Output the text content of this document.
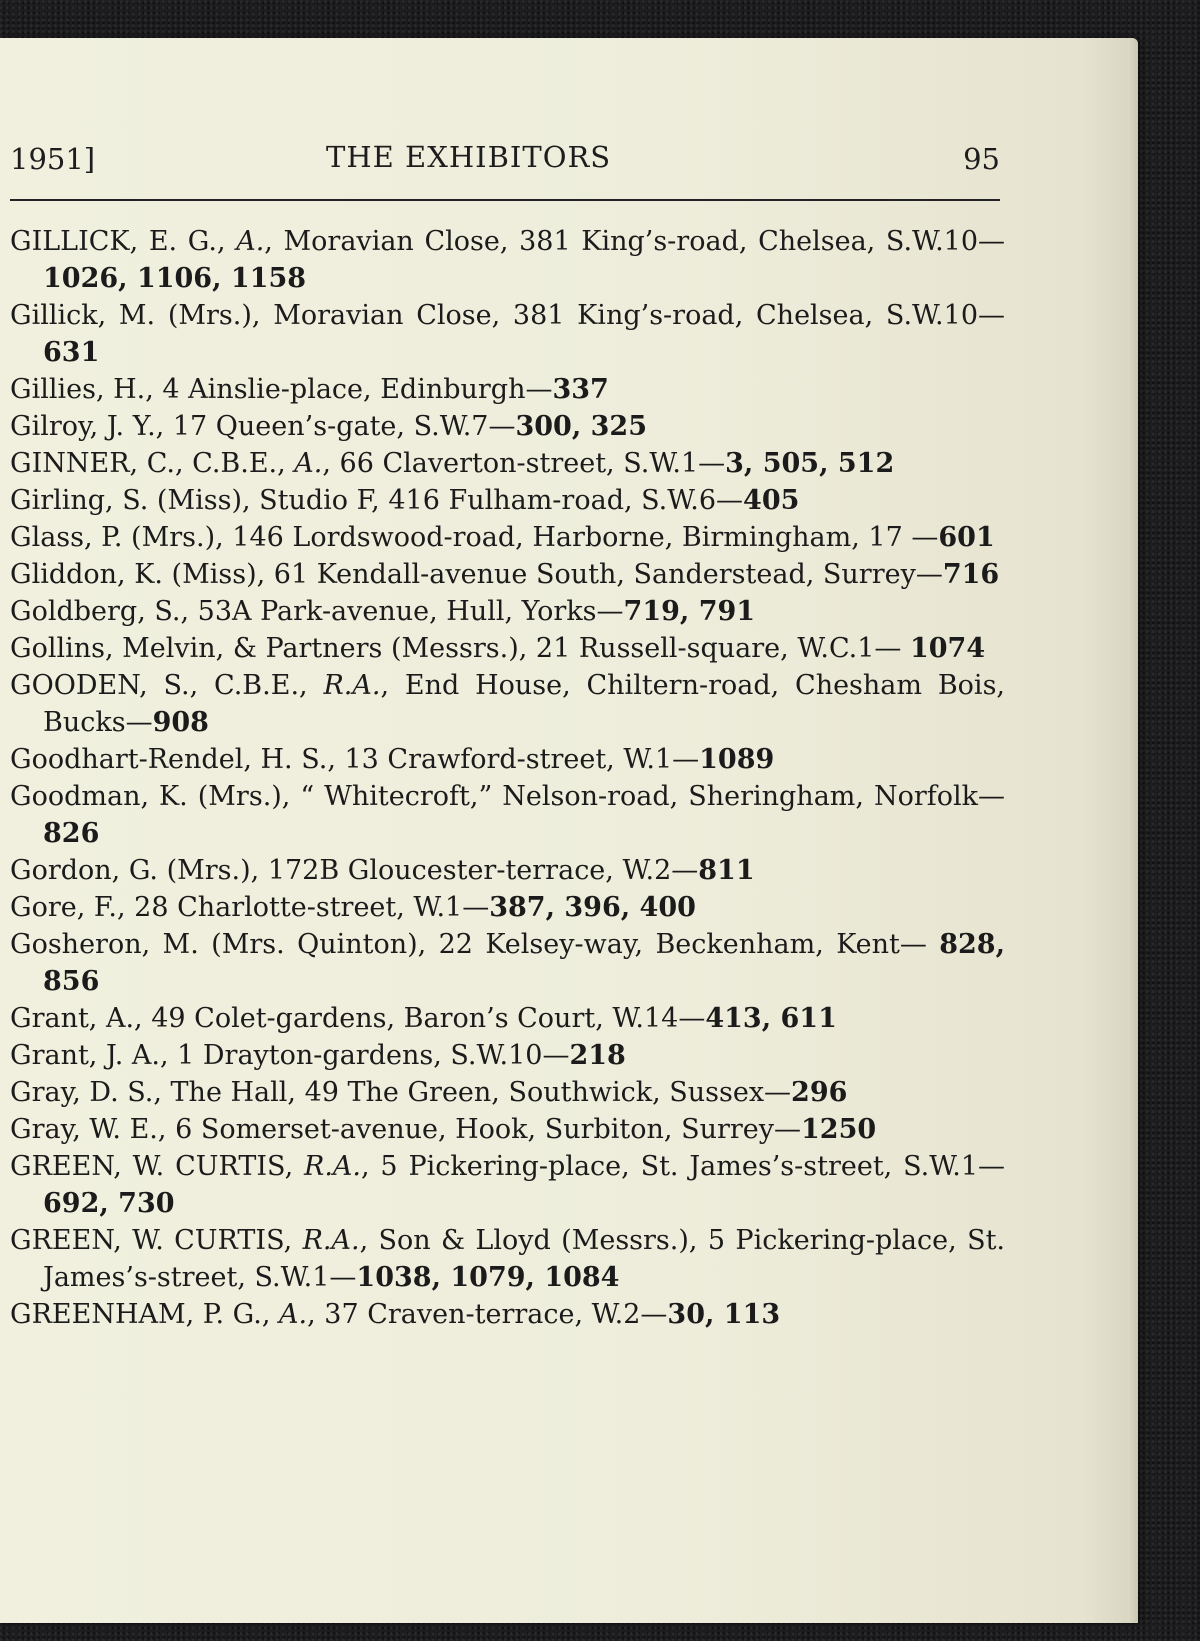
1951]	THE EXHIBITORS	95

GILLICK, E. G., A., Moravian Close, 381 King’s-road, Chelsea, S.W.10—1026, 1106, 1158

Gillick, M. (Mrs.), Moravian Close, 381 King’s-road, Chelsea, S.W.10—631

Gillies, H., 4 Ainslie-place, Edinburgh—337

Gilroy, J. Y., 17 Queen’s-gate, S.W.7—300, 325

GINNER, C., C.B.E., A., 66 Claverton-street, S.W.1—3, 505, 512

Girling, S. (Miss), Studio F, 416 Fulham-road, S.W.6—405

Glass, P. (Mrs.), 146 Lordswood-road, Harborne, Birmingham, 17 —601

Gliddon, K. (Miss), 61 Kendall-avenue South, Sanderstead, Surrey—716

Goldberg, S., 53A Park-avenue, Hull, Yorks—719, 791

Gollins, Melvin, & Partners (Messrs.), 21 Russell-square, W.C.1— 1074

GOODEN, S., C.B.E., R.A., End House, Chiltern-road, Chesham Bois, Bucks—908

Goodhart-Rendel, H. S., 13 Crawford-street, W.1—1089

Goodman, K. (Mrs.), “ Whitecroft,” Nelson-road, Sheringham, Norfolk—826

Gordon, G. (Mrs.), 172B Gloucester-terrace, W.2—811

Gore, F., 28 Charlotte-street, W.1—387, 396, 400

Gosheron, M. (Mrs. Quinton), 22 Kelsey-way, Beckenham, Kent— 828, 856

Grant, A., 49 Colet-gardens, Baron’s Court, W.14—413, 611

Grant, J. A., 1 Drayton-gardens, S.W.10—218

Gray, D. S., The Hall, 49 The Green, Southwick, Sussex—296

Gray, W. E., 6 Somerset-avenue, Hook, Surbiton, Surrey—1250

GREEN, W. CURTIS, R.A., 5 Pickering-place, St. James’s-street, S.W.1—692, 730

GREEN, W. CURTIS, R.A., Son & Lloyd (Messrs.), 5 Pickering-place, St. James’s-street, S.W.1—1038, 1079, 1084

GREENHAM, P. G., A., 37 Craven-terrace, W.2—30, 113
